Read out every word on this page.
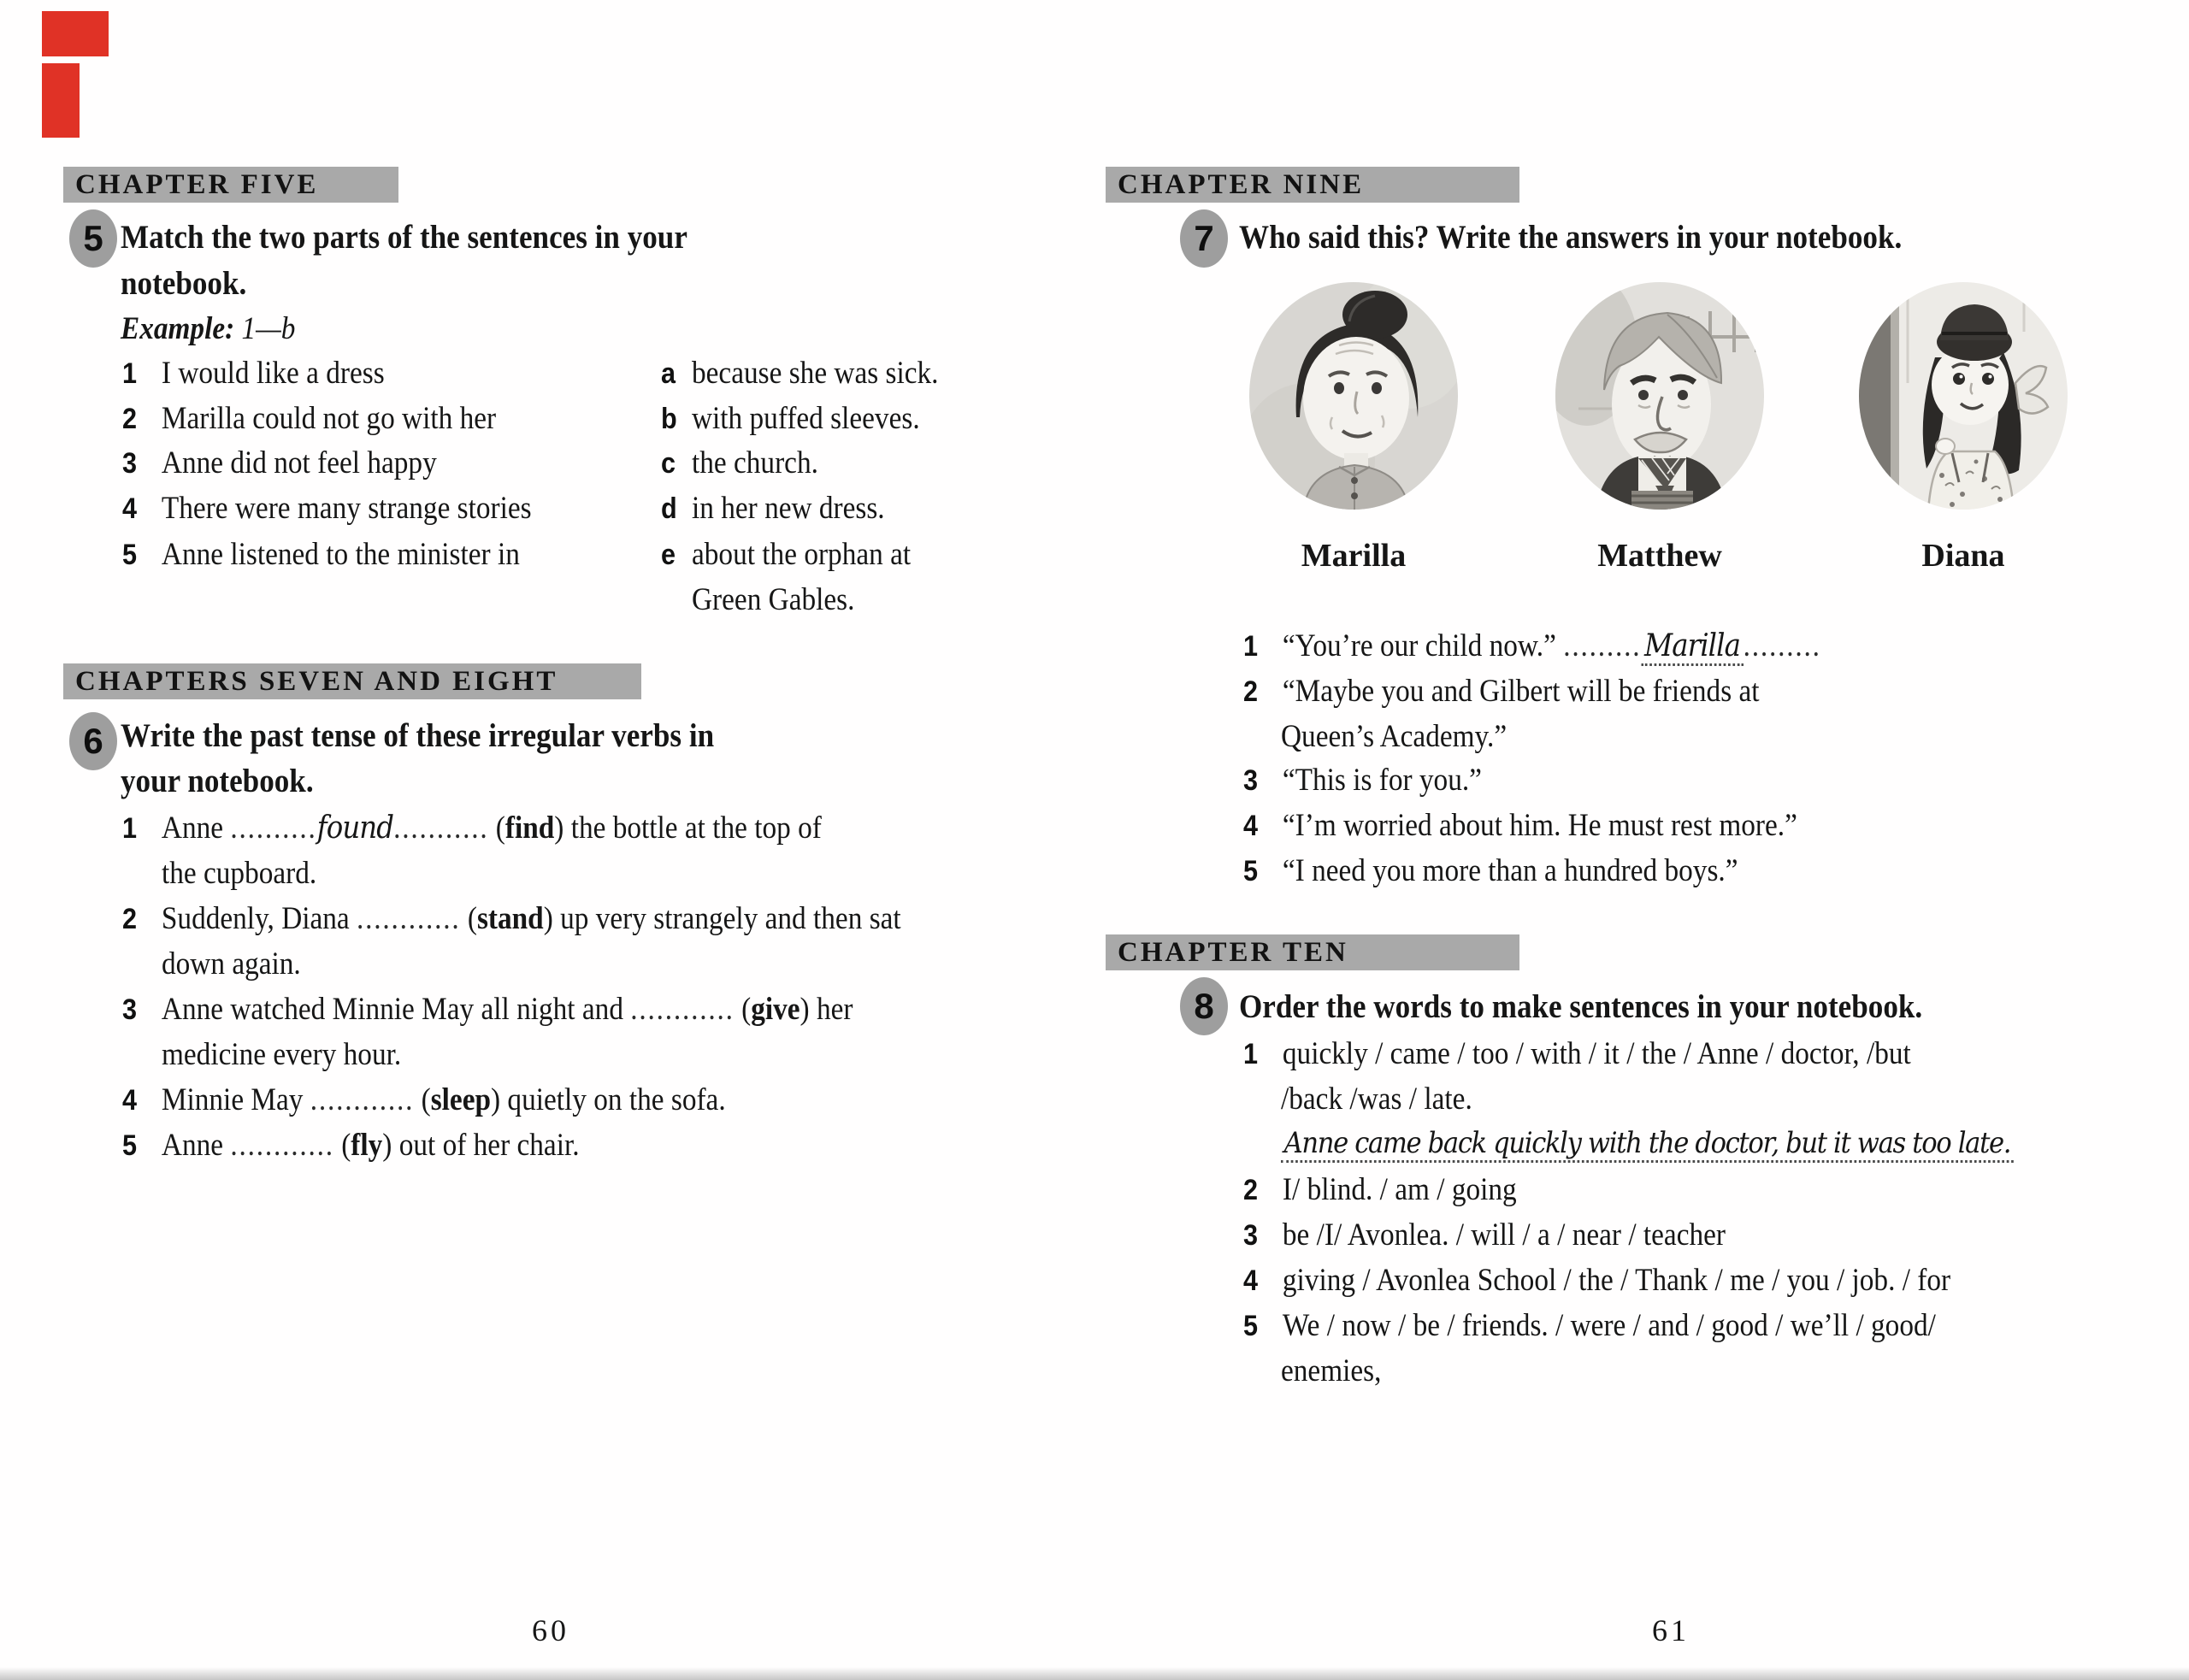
CHAPTER FIVE
5 Match the two parts of the sentences in your
notebook.
Example: 1—b
1 I would like a dress
2 Marilla could not go with her
3 Anne did not feel happy
4 There were many strange stories
5 Anne listened to the minister in
a because she was sick.
b with puffed sleeves.
c the church.
d in her new dress.
e about the orphan at
Green Gables.
CHAPTERS SEVEN AND EIGHT
6 Write the past tense of these irregular verbs in
your notebook.
1 Anne ..........found........... (find) the bottle at the top of
the cupboard.
2 Suddenly, Diana ............ (stand) up very strangely and then sat
down again.
3 Anne watched Minnie May all night and ............ (give) her
medicine every hour.
4 Minnie May ............ (sleep) quietly on the sofa.
5 Anne ............ (fly) out of her chair.
60
CHAPTER NINE
7 Who said this? Write the answers in your notebook.
Marilla	Matthew	Diana
1 “You’re our child now.” .........Marilla.........
2 “Maybe you and Gilbert will be friends at
Queen’s Academy.”
3 “This is for you.”
4 “I’m worried about him. He must rest more.”
5 “I need you more than a hundred boys.”
CHAPTER TEN
8 Order the words to make sentences in your notebook.
1 quickly / came / too / with / it / the / Anne / doctor, /but
/back /was / late.
Anne came back quickly with the doctor, but it was too late.
2 I/ blind. / am / going
3 be /I/ Avonlea. / will / a / near / teacher
4 giving / Avonlea School / the / Thank / me / you / job. / for
5 We / now / be / friends. / were / and / good / we’ll / good/
enemies,
61
